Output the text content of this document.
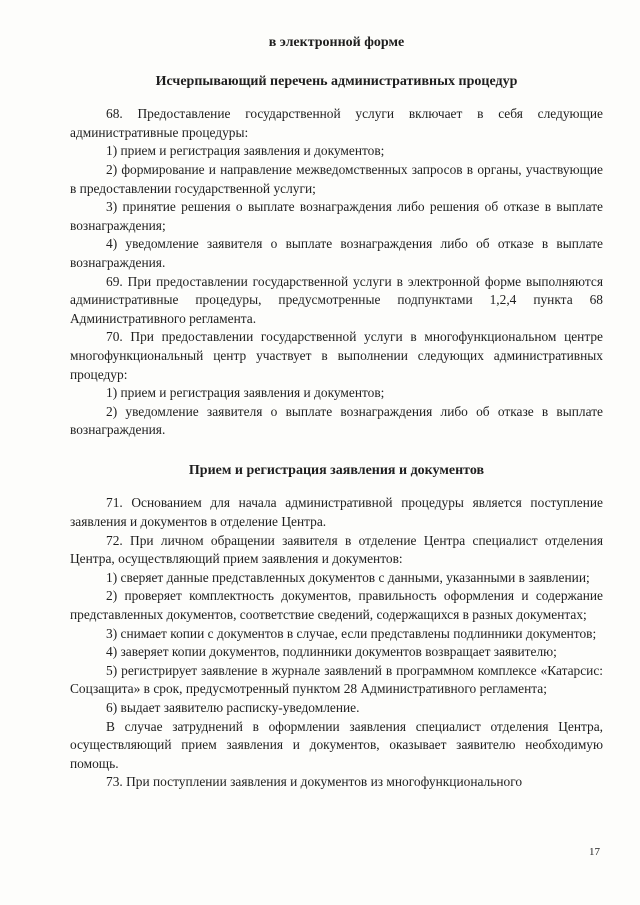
в электронной форме

Исчерпывающий перечень административных процедур

68. Предоставление государственной услуги включает в себя следующие административные процедуры:

1) прием и регистрация заявления и документов;

2) формирование и направление межведомственных запросов в органы, участвующие в предоставлении государственной услуги;

3) принятие решения о выплате вознаграждения либо решения об отказе в выплате вознаграждения;

4) уведомление заявителя о выплате вознаграждения либо об отказе в выплате вознаграждения.

69. При предоставлении государственной услуги в электронной форме выполняются административные процедуры, предусмотренные подпунктами 1,2,4 пункта 68 Административного регламента.

70. При предоставлении государственной услуги в многофункциональном центре многофункциональный центр участвует в выполнении следующих административных процедур:

1) прием и регистрация заявления и документов;

2) уведомление заявителя о выплате вознаграждения либо об отказе в выплате вознаграждения.

Прием и регистрация заявления и документов

71. Основанием для начала административной процедуры является поступление заявления и документов в отделение Центра.

72. При личном обращении заявителя в отделение Центра специалист отделения Центра, осуществляющий прием заявления и документов:

1) сверяет данные представленных документов с данными, указанными в заявлении;

2) проверяет комплектность документов, правильность оформления и содержание представленных документов, соответствие сведений, содержащихся в разных документах;

3) снимает копии с документов в случае, если представлены подлинники документов;

4) заверяет копии документов, подлинники документов возвращает заявителю;

5) регистрирует заявление в журнале заявлений в программном комплексе «Катарсис: Соцзащита» в срок, предусмотренный пунктом 28 Административного регламента;

6) выдает заявителю расписку-уведомление.

В случае затруднений в оформлении заявления специалист отделения Центра, осуществляющий прием заявления и документов, оказывает заявителю необходимую помощь.

73. При поступлении заявления и документов из многофункционального

17
